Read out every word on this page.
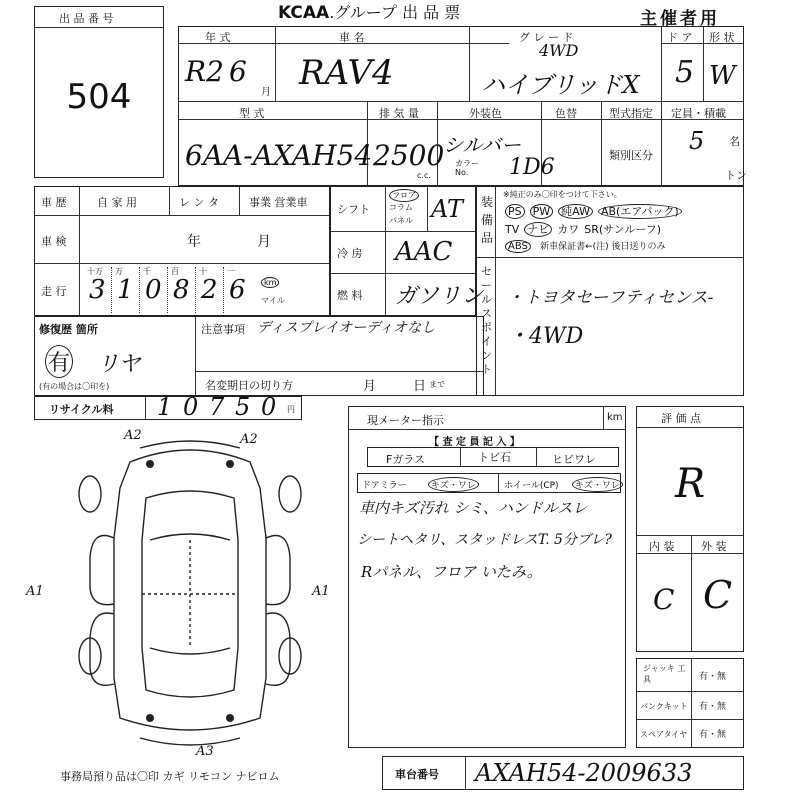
出 品 番 号
504
KCAA.グループ 出 品 票	主催者用
年 式
R2 6
月
車 名
RAV4
グ レ ー ド
4WD
ハイブリッドX
ド ア
5
形 状
W
型 式
6AA-AXAH54
排 気 量
2500
c.c.
外装色
シルバー
カラー No.	1D6
色替	型式指定
類別区分
定員・積載
5 名
トン
車 歴	自 家 用	レ ン タ	事業 営業車
車 検	年	月
走 行
十万
3
万
1
千
0
百
8
十
2
一
6	km
マイル
修復歴 箇所
有 リヤ
(有の場合は〇印を)
注意事項 ディスプレイオーディオなし
名変期日の切り方	月	日 まで
リサイクル料 1 0 7 5 0 円
シフト
フロア
コラム
パネル AT
冷 房 AAC
燃 料 ガソリン
装備品
※純正のみ〇印をつけて下さい。
PS PW 純AW AB(エアバック)
TV ナビ カワ SR(サンルーフ)
ABS 新車保証書←(注) 後日送りのみ
セールスポイント
・トヨタセーフティセンス-
・4WD
現メーター指示	km
【 査 定 員 記 入 】
Fガラス	トビ石	ヒビワレ
ドアミラー	キズ・ワレ	ホイール(CP)	キズ・ワレ
車内キズ汚れ シミ、ハンドルスレ
シートヘタリ、スタッドレスT. 5分ブレ?
Rパネル、フロア いたみ。
評 価 点
R
内 装 外 装
C C
ジャッキ 工 具	有・無
パンクキット 有・無
スペアタイヤ 有・無
A2	A2
A1	A1
A3
事務局預り品は〇印 カギ リモコン ナビロム	車台番号 AXAH54-2009633
